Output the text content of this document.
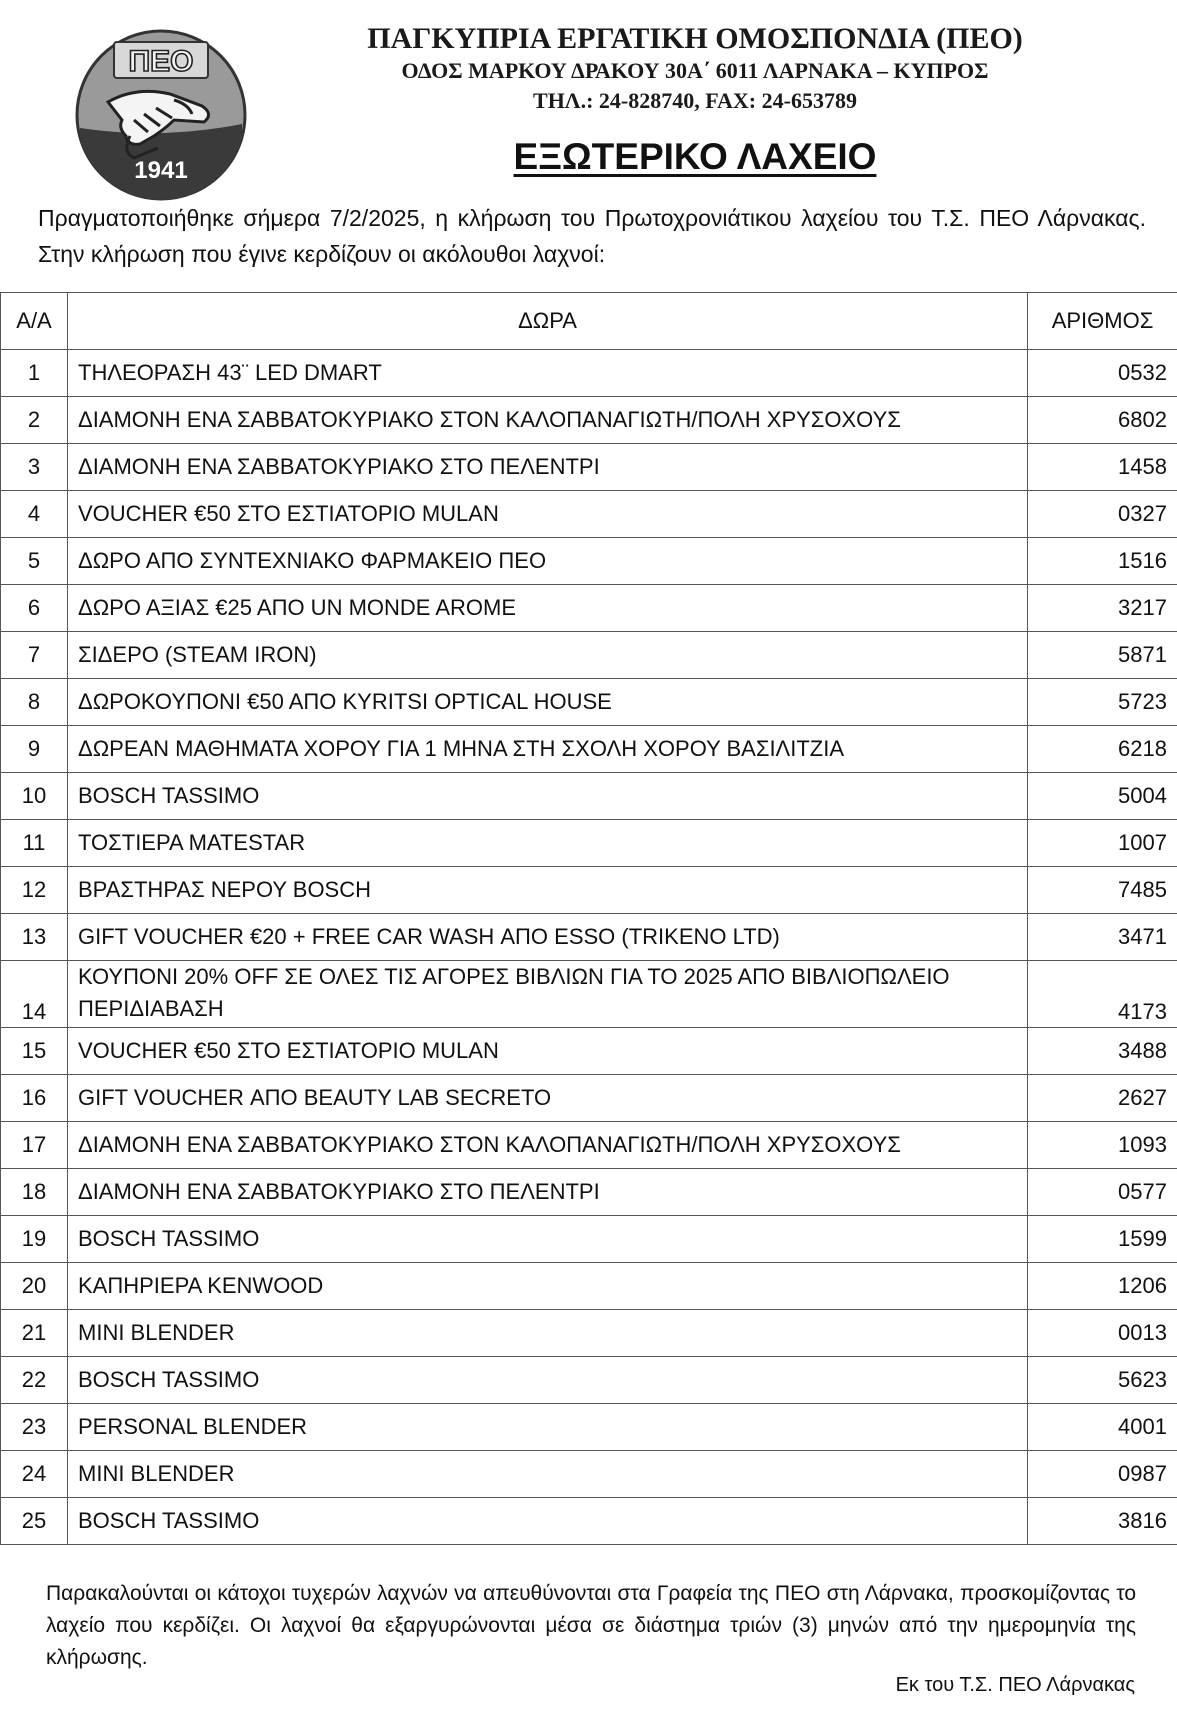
ΠΕΟ
1941
ΠΑΓΚΥΠΡΙΑ ΕΡΓΑΤΙΚΗ ΟΜΟΣΠΟΝΔΙΑ (ΠΕΟ)
ΟΔΟΣ ΜΑΡΚΟΥ ΔΡΑΚΟΥ 30Α΄ 6011 ΛΑΡΝΑΚΑ – ΚΥΠΡΟΣ
ΤΗΛ.: 24-828740, FAX: 24-653789
ΕΞΩΤΕΡΙΚΟ ΛΑΧΕΙΟ
Πραγματοποιήθηκε σήμερα 7/2/2025, η κλήρωση του Πρωτοχρονιάτικου λαχείου του Τ.Σ. ΠΕΟ Λάρνακας. Στην κλήρωση που έγινε κερδίζουν οι ακόλουθοι λαχνοί:
Α/Α	ΔΩΡΑ	ΑΡΙΘΜΟΣ
1	ΤΗΛΕΟΡΑΣΗ 43¨ LED DMART	0532
2	ΔΙΑΜΟΝΗ ΕΝΑ ΣΑΒΒΑΤΟΚΥΡΙΑΚΟ ΣΤΟΝ ΚΑΛΟΠΑΝΑΓΙΩΤΗ/ΠΟΛΗ ΧΡΥΣΟΧΟΥΣ	6802
3	ΔΙΑΜΟΝΗ ΕΝΑ ΣΑΒΒΑΤΟΚΥΡΙΑΚΟ ΣΤΟ ΠΕΛΕΝΤΡΙ	1458
4	VOUCHER €50 ΣΤΟ ΕΣΤΙΑΤΟΡΙΟ MULAN	0327
5	ΔΩΡΟ ΑΠΟ ΣΥΝΤΕΧΝΙΑΚΟ ΦΑΡΜΑΚΕΙΟ ΠΕΟ	1516
6	ΔΩΡΟ ΑΞΙΑΣ €25 ΑΠΟ UN MONDE AROME	3217
7	ΣΙΔΕΡΟ (STEAM IRON)	5871
8	ΔΩΡΟΚΟΥΠΟΝΙ €50 ΑΠΟ KYRITSI OPTICAL HOUSE	5723
9	ΔΩΡΕΑΝ ΜΑΘΗΜΑΤΑ ΧΟΡΟΥ ΓΙΑ 1 ΜΗΝΑ ΣΤΗ ΣΧΟΛΗ ΧΟΡΟΥ ΒΑΣΙΛΙΤΖΙΑ	6218
10	BOSCH TASSIMO	5004
11	ΤΟΣΤΙΕΡΑ MATESTAR	1007
12	ΒΡΑΣΤΗΡΑΣ ΝΕΡΟΥ BOSCH	7485
13	GIFT VOUCHER €20 + FREE CAR WASH ΑΠΟ ESSO (TRIKENO LTD)	3471
14	ΚΟΥΠΟΝΙ 20% OFF ΣΕ ΟΛΕΣ ΤΙΣ ΑΓΟΡΕΣ ΒΙΒΛΙΩΝ ΓΙΑ ΤΟ 2025 ΑΠΟ ΒΙΒΛΙΟΠΩΛΕΙΟ ΠΕΡΙΔΙΑΒΑΣΗ	4173
15	VOUCHER €50 ΣΤΟ ΕΣΤΙΑΤΟΡΙΟ MULAN	3488
16	GIFT VOUCHER ΑΠΟ BEAUTY LAB SECRETO	2627
17	ΔΙΑΜΟΝΗ ΕΝΑ ΣΑΒΒΑΤΟΚΥΡΙΑΚΟ ΣΤΟΝ ΚΑΛΟΠΑΝΑΓΙΩΤΗ/ΠΟΛΗ ΧΡΥΣΟΧΟΥΣ	1093
18	ΔΙΑΜΟΝΗ ΕΝΑ ΣΑΒΒΑΤΟΚΥΡΙΑΚΟ ΣΤΟ ΠΕΛΕΝΤΡΙ	0577
19	BOSCH TASSIMO	1599
20	ΚΑΠΗΡΙΕΡΑ KENWOOD	1206
21	MINI BLENDER	0013
22	BOSCH TASSIMO	5623
23	PERSONAL BLENDER	4001
24	MINI BLENDER	0987
25	BOSCH TASSIMO	3816
Παρακαλούνται οι κάτοχοι τυχερών λαχνών να απευθύνονται στα Γραφεία της ΠΕΟ στη Λάρνακα, προσκομίζοντας το λαχείο που κερδίζει. Οι λαχνοί θα εξαργυρώνονται μέσα σε διάστημα τριών (3) μηνών από την ημερομηνία της κλήρωσης.
Εκ του Τ.Σ. ΠΕΟ Λάρνακας
